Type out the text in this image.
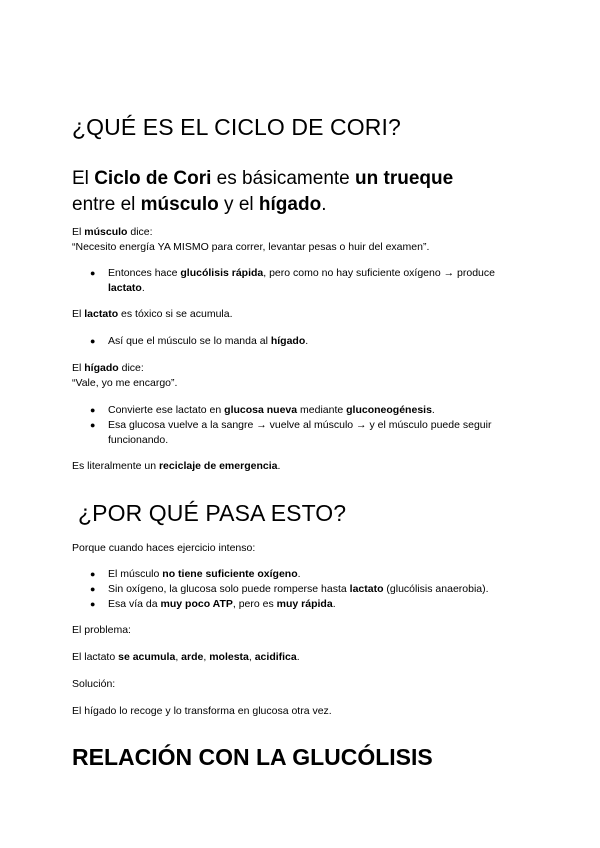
¿QUÉ ES EL CICLO DE CORI?
El Ciclo de Cori es básicamente un trueque
entre el músculo y el hígado.
El músculo dice:
“Necesito energía YA MISMO para correr, levantar pesas o huir del examen”.
● Entonces hace glucólisis rápida, pero como no hay suficiente oxígeno → produce lactato.
El lactato es tóxico si se acumula.
● Así que el músculo se lo manda al hígado.
El hígado dice:
“Vale, yo me encargo”.
● Convierte ese lactato en glucosa nueva mediante gluconeogénesis.
● Esa glucosa vuelve a la sangre → vuelve al músculo → y el músculo puede seguir funcionando.
Es literalmente un reciclaje de emergencia.
¿POR QUÉ PASA ESTO?
Porque cuando haces ejercicio intenso:
● El músculo no tiene suficiente oxígeno.
● Sin oxígeno, la glucosa solo puede romperse hasta lactato (glucólisis anaerobia).
● Esa vía da muy poco ATP, pero es muy rápida.
El problema:
El lactato se acumula, arde, molesta, acidifica.
Solución:
El hígado lo recoge y lo transforma en glucosa otra vez.
RELACIÓN CON LA GLUCÓLISIS
